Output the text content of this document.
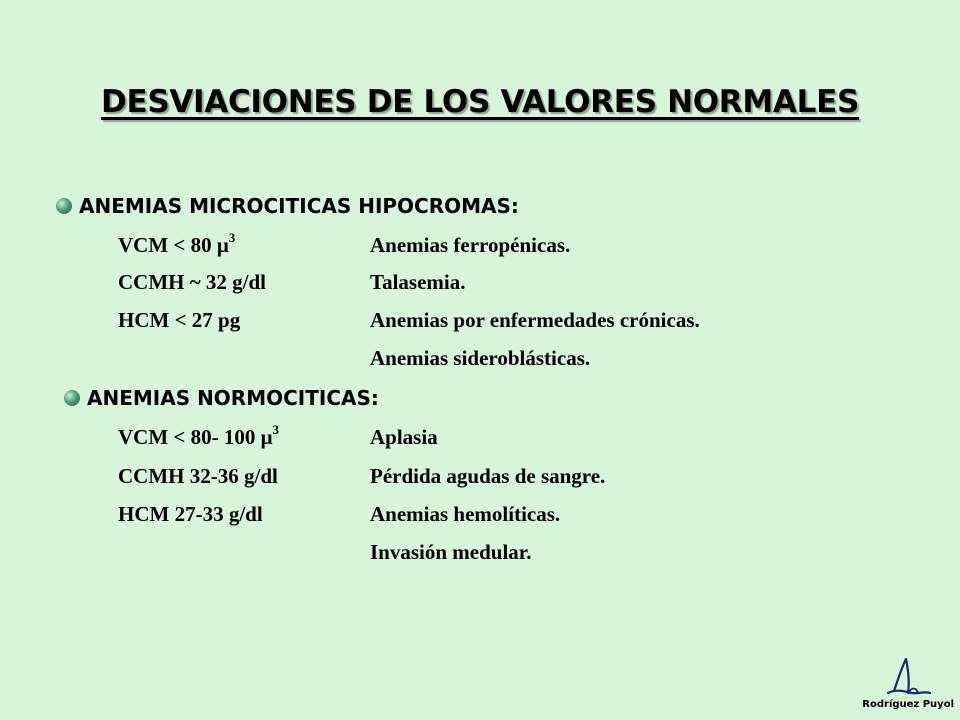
DESVIACIONES DE LOS VALORES NORMALES
ANEMIAS MICROCITICAS HIPOCROMAS:
VCM < 80 $\mu^3$	Anemias ferropénicas.
CCMH ~ 32 g/dl	Talasemia.
HCM < 27 pg	Anemias por enfermedades crónicas.
Anemias sideroblásticas.
ANEMIAS NORMOCITICAS:
VCM < 80- 100 $\mu^3$	Aplasia
CCMH 32-36 g/dl	Pérdida agudas de sangre.
HCM 27-33 g/dl	Anemias hemolíticas.
Invasión medular.
Rodríguez Puyol
